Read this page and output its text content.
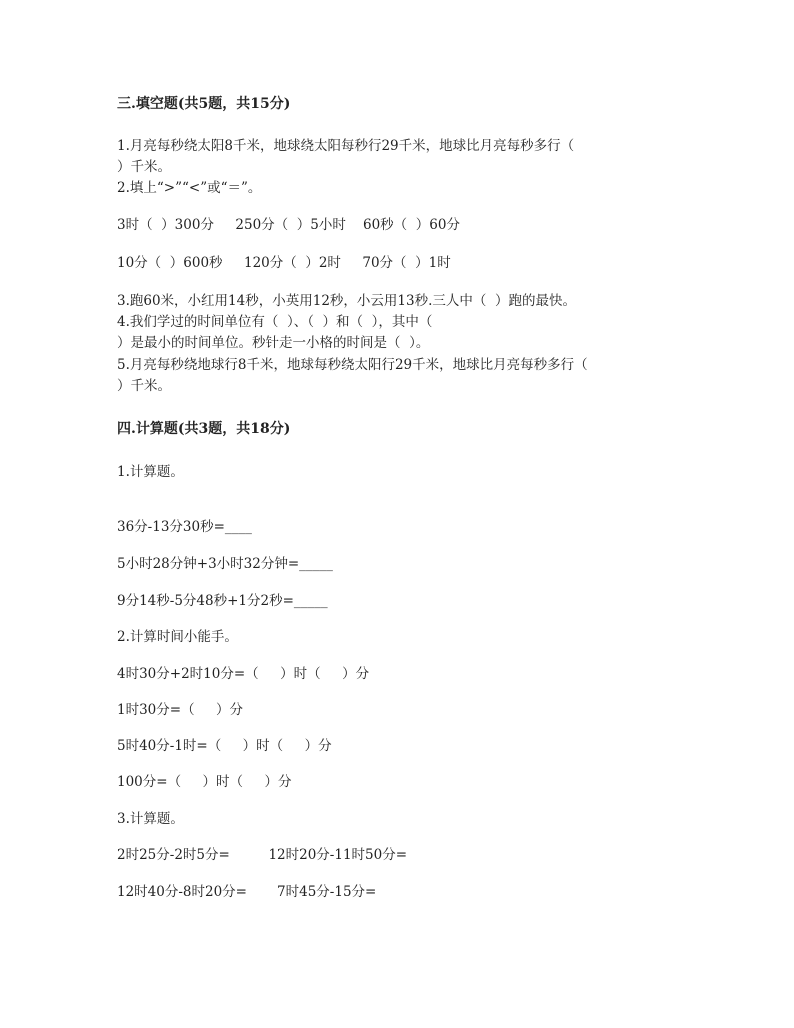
三.填空题(共5题，共15分)
1.月亮每秒绕太阳8千米，地球绕太阳每秒行29千米，地球比月亮每秒多行（
）千米。
2.填上“>”“<”或“＝”。
3时（  ）300分     250分（  ）5小时    60秒（  ）60分
10分（  ）600秒     120分（  ）2时     70分（  ）1时
3.跑60米，小红用14秒，小英用12秒，小云用13秒.三人中（  ）跑的最快。
4.我们学过的时间单位有（  ）、（  ）和（  ），其中（
）是最小的时间单位。秒针走一小格的时间是（  ）。
5.月亮每秒绕地球行8千米，地球每秒绕太阳行29千米，地球比月亮每秒多行（
）千米。
四.计算题(共3题，共18分)
1.计算题。
36分-13分30秒=____
5小时28分钟+3小时32分钟=_____
9分14秒-5分48秒+1分2秒=_____
2.计算时间小能手。
4时30分+2时10分=（     ）时（     ）分
1时30分=（     ）分
5时40分-1时=（     ）时（     ）分
100分=（     ）时（     ）分
3.计算题。
2时25分-2时5分=         12时20分-11时50分=
12时40分-8时20分=       7时45分-15分=
